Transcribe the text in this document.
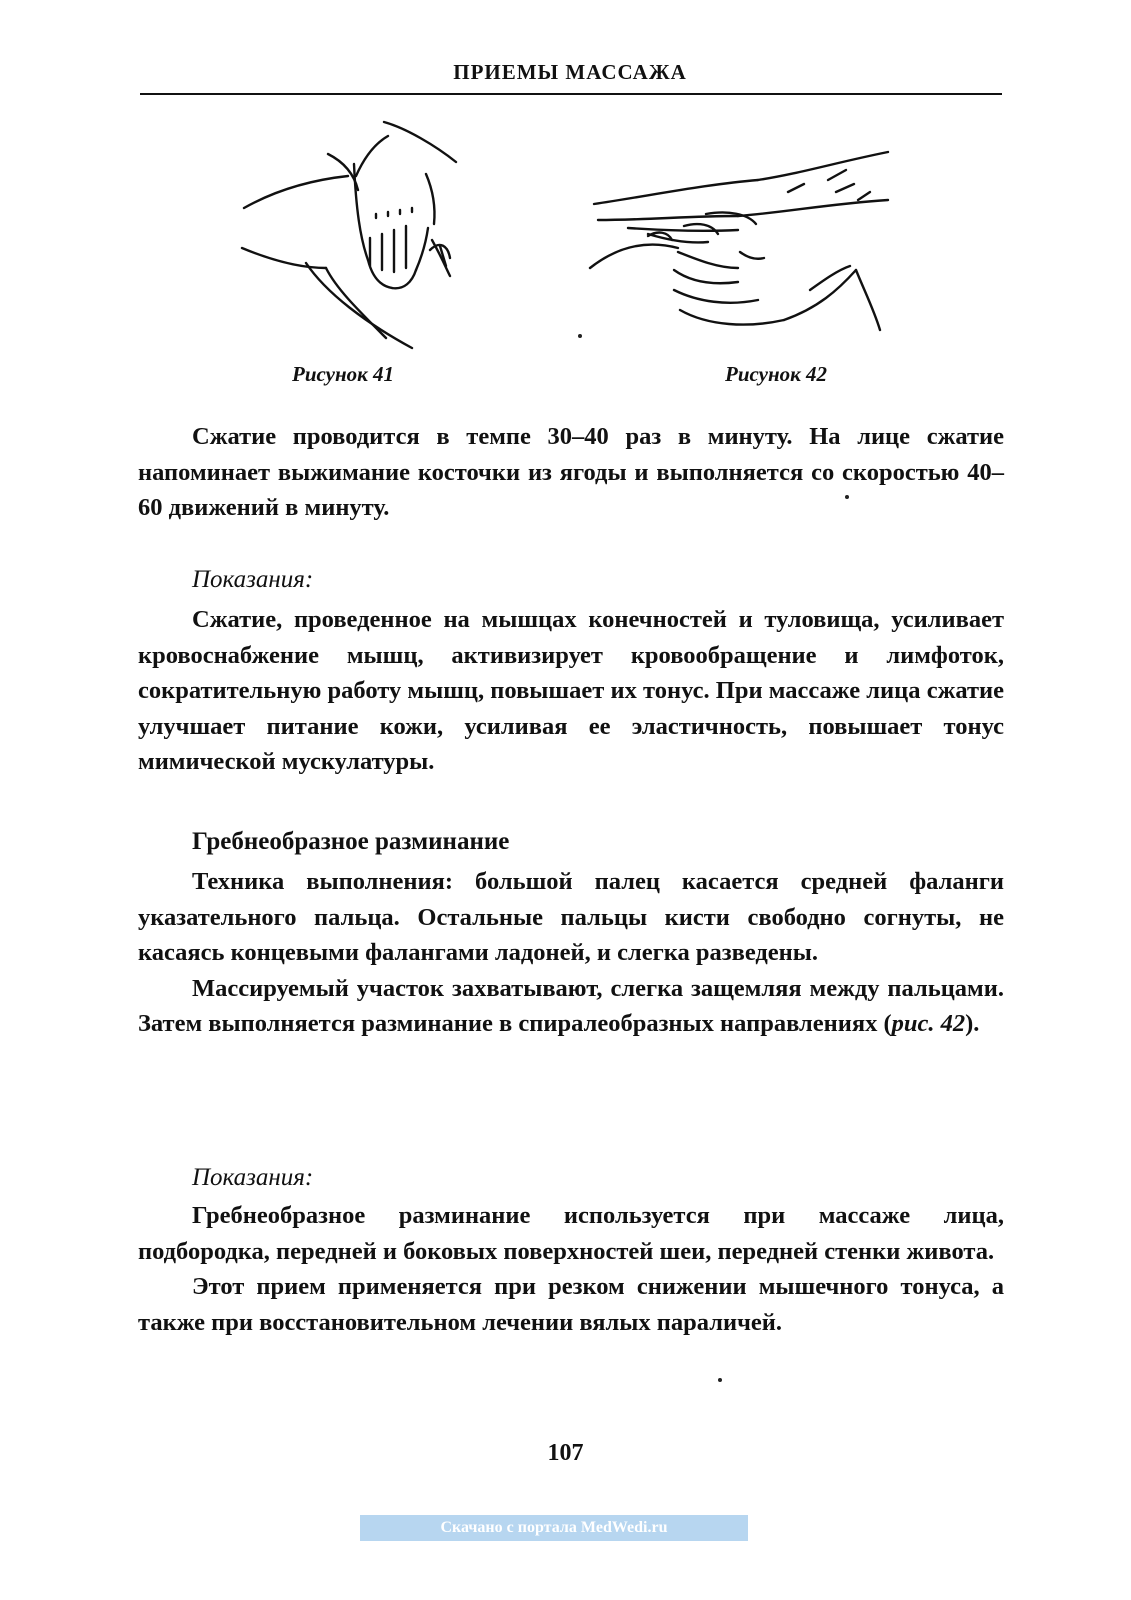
ПРИЕМЫ МАССАЖА
Рисунок 41	Рисунок 42

Сжатие проводится в темпе 30–40 раз в минуту. На лице сжатие напоминает выжимание косточки из ягоды и выполняется со скоростью 40–60 движений в минуту.

Показания:

Сжатие, проведенное на мышцах конечностей и туловища, усиливает кровоснабжение мышц, активизирует кровообращение и лимфоток, сократительную работу мышц, повышает их тонус. При массаже лица сжатие улучшает питание кожи, усиливая ее эластичность, повышает тонус мимической мускулатуры.

Гребнеобразное разминание

Техника выполнения: большой палец касается средней фаланги указательного пальца. Остальные пальцы кисти свободно согнуты, не касаясь концевыми фалангами ладоней, и слегка разведены.

Массируемый участок захватывают, слегка защемляя между пальцами. Затем выполняется разминание в спиралеобразных направлениях (рис. 42).

Показания:

Гребнеобразное разминание используется при массаже лица, подбородка, передней и боковых поверхностей шеи, передней стенки живота.

Этот прием применяется при резком снижении мышечного тонуса, а также при восстановительном лечении вялых параличей.

107
Скачано с портала MedWedi.ru
